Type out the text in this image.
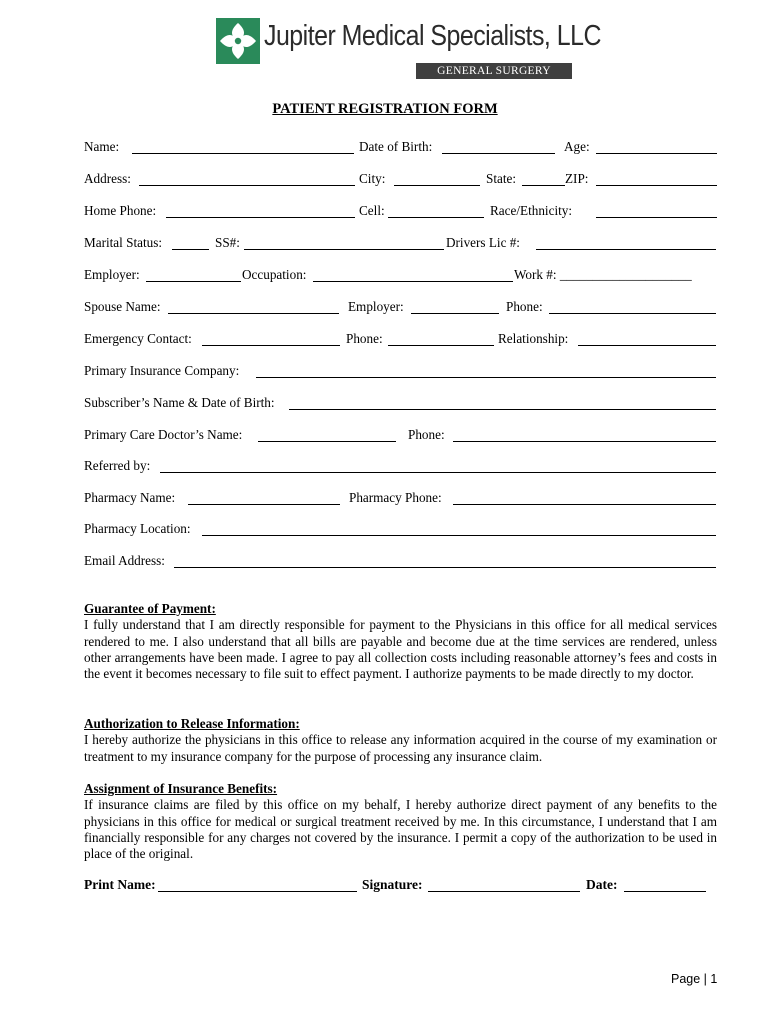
Jupiter Medical Specialists, LLC
GENERAL SURGERY
PATIENT REGISTRATION FORM
Name:	Date of Birth:	Age:
Address:	City:	State:	ZIP:
Home Phone:	Cell:	Race/Ethnicity:
Marital Status:	SS#:	Drivers Lic #:
Employer:	Occupation:	Work #: ____________________
Spouse Name:	Employer:	Phone:
Emergency Contact:	Phone:	Relationship:
Primary Insurance Company:
Subscriber’s Name & Date of Birth:
Primary Care Doctor’s Name:	Phone:
Referred by:
Pharmacy Name:	Pharmacy Phone:
Pharmacy Location:
Email Address:
Guarantee of Payment:
I fully understand that I am directly responsible for payment to the Physicians in this office for all medical services rendered to me. I also understand that all bills are payable and become due at the time services are rendered, unless other arrangements have been made. I agree to pay all collection costs including reasonable attorney’s fees and costs in the event it becomes necessary to file suit to effect payment. I authorize payments to be made directly to my doctor.
Authorization to Release Information:
I hereby authorize the physicians in this office to release any information acquired in the course of my examination or treatment to my insurance company for the purpose of processing any insurance claim.
Assignment of Insurance Benefits:
If insurance claims are filed by this office on my behalf, I hereby authorize direct payment of any benefits to the physicians in this office for medical or surgical treatment received by me. In this circumstance, I understand that I am financially responsible for any charges not covered by the insurance. I permit a copy of the authorization to be used in place of the original.
Print Name:	Signature:	Date:
Page | 1
